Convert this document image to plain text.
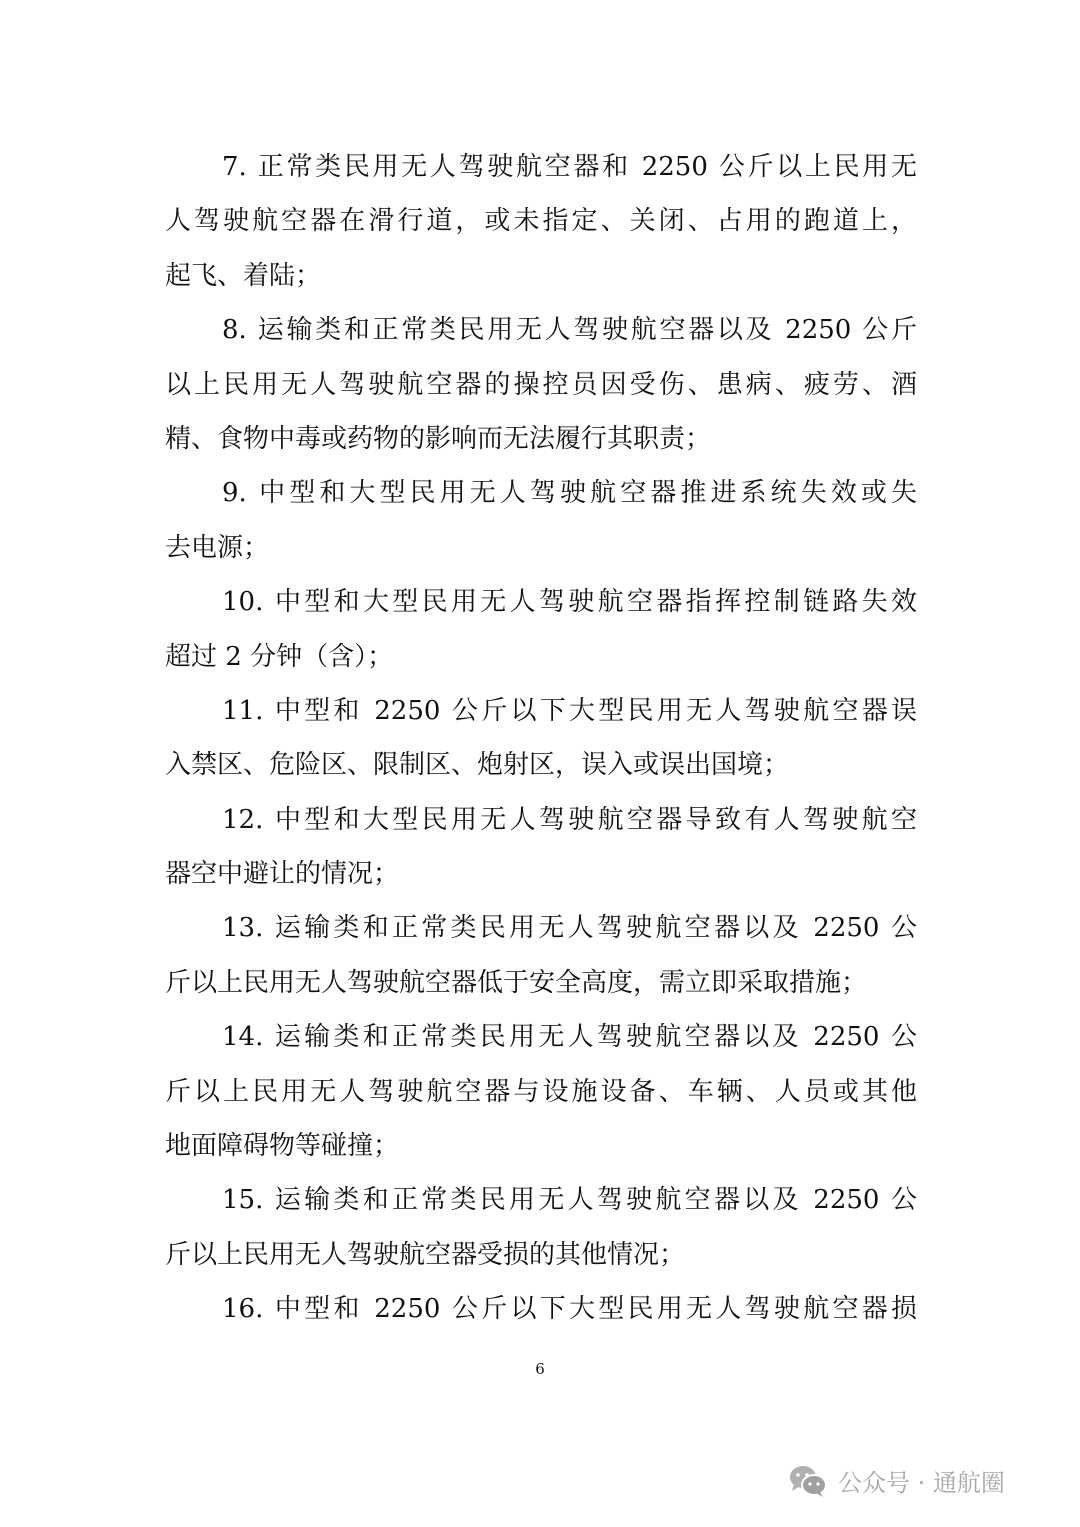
7. 正常类民用无人驾驶航空器和 2250 公斤以上民用无
人驾驶航空器在滑行道，或未指定、关闭、占用的跑道上，
起飞、着陆；
8. 运输类和正常类民用无人驾驶航空器以及 2250 公斤
以上民用无人驾驶航空器的操控员因受伤、患病、疲劳、酒
精、食物中毒或药物的影响而无法履行其职责；
9. 中型和大型民用无人驾驶航空器推进系统失效或失
去电源；
10. 中型和大型民用无人驾驶航空器指挥控制链路失效
超过 2 分钟（含）；
11. 中型和 2250 公斤以下大型民用无人驾驶航空器误
入禁区、危险区、限制区、炮射区，误入或误出国境；
12. 中型和大型民用无人驾驶航空器导致有人驾驶航空
器空中避让的情况；
13. 运输类和正常类民用无人驾驶航空器以及 2250 公
斤以上民用无人驾驶航空器低于安全高度，需立即采取措施；
14. 运输类和正常类民用无人驾驶航空器以及 2250 公
斤以上民用无人驾驶航空器与设施设备、车辆、人员或其他
地面障碍物等碰撞；
15. 运输类和正常类民用无人驾驶航空器以及 2250 公
斤以上民用无人驾驶航空器受损的其他情况；
16. 中型和 2250 公斤以下大型民用无人驾驶航空器损
6
公众号 · 通航圈
